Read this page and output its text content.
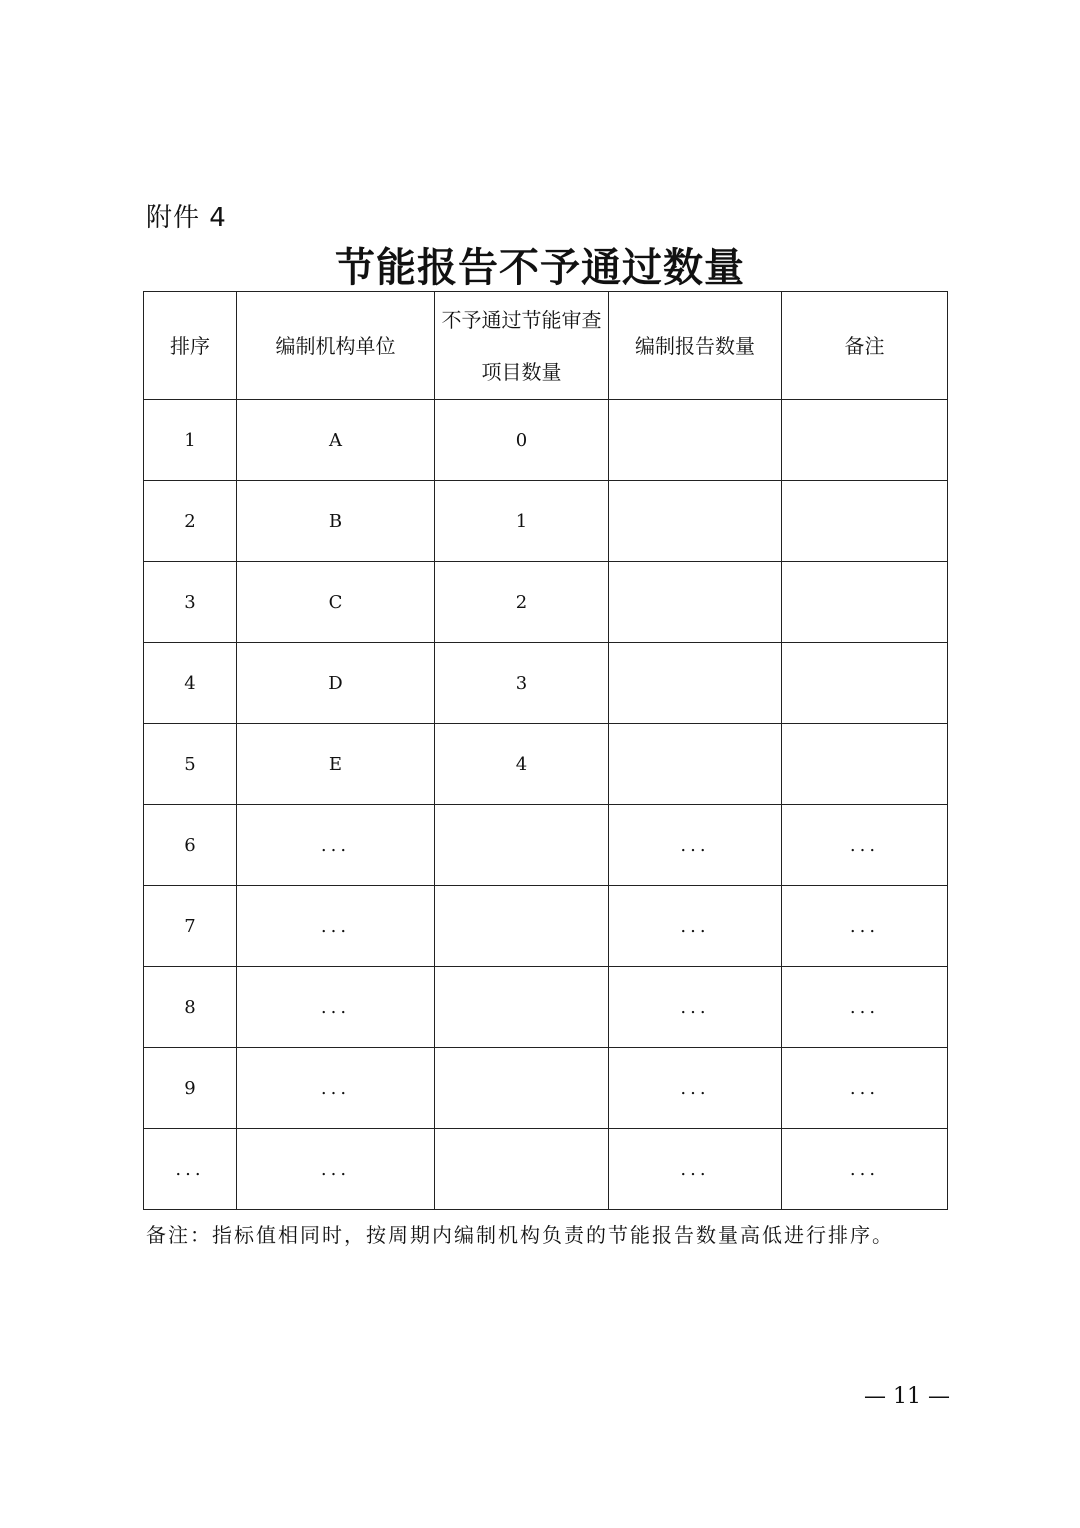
附件 4
节能报告不予通过数量
排序	编制机构单位	不予通过节能审查项目数量	编制报告数量	备注
1	A	0		
2	B	1		
3	C	2		
4	D	3		
5	E	4		
6	...		...	...
7	...		...	...
8	...		...	...
9	...		...	...
...	...		...	...
备注：指标值相同时，按周期内编制机构负责的节能报告数量高低进行排序。
— 11 —
